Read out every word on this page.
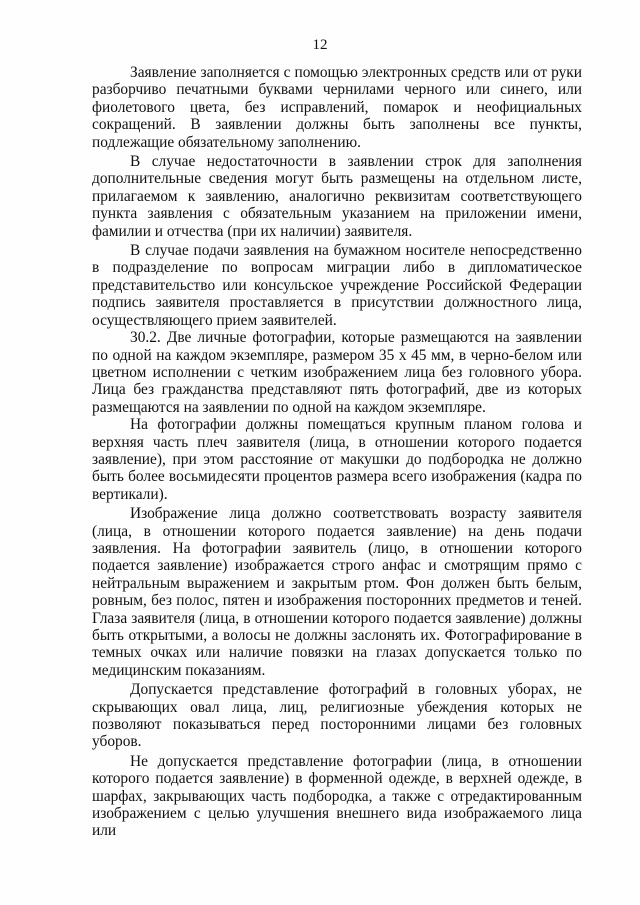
12

Заявление заполняется с помощью электронных средств или от руки разборчиво печатными буквами чернилами черного или синего, или фиолетового цвета, без исправлений, помарок и неофициальных сокращений. В заявлении должны быть заполнены все пункты, подлежащие обязательному заполнению.

В случае недостаточности в заявлении строк для заполнения дополнительные сведения могут быть размещены на отдельном листе, прилагаемом к заявлению, аналогично реквизитам соответствующего пункта заявления с обязательным указанием на приложении имени, фамилии и отчества (при их наличии) заявителя.

В случае подачи заявления на бумажном носителе непосредственно в подразделение по вопросам миграции либо в дипломатическое представительство или консульское учреждение Российской Федерации подпись заявителя проставляется в присутствии должностного лица, осуществляющего прием заявителей.

30.2. Две личные фотографии, которые размещаются на заявлении по одной на каждом экземпляре, размером 35 х 45 мм, в черно-белом или цветном исполнении с четким изображением лица без головного убора. Лица без гражданства представляют пять фотографий, две из которых размещаются на заявлении по одной на каждом экземпляре.

На фотографии должны помещаться крупным планом голова и верхняя часть плеч заявителя (лица, в отношении которого подается заявление), при этом расстояние от макушки до подбородка не должно быть более восьмидесяти процентов размера всего изображения (кадра по вертикали).

Изображение лица должно соответствовать возрасту заявителя (лица, в отношении которого подается заявление) на день подачи заявления. На фотографии заявитель (лицо, в отношении которого подается заявление) изображается строго анфас и смотрящим прямо с нейтральным выражением и закрытым ртом. Фон должен быть белым, ровным, без полос, пятен и изображения посторонних предметов и теней. Глаза заявителя (лица, в отношении которого подается заявление) должны быть открытыми, а волосы не должны заслонять их. Фотографирование в темных очках или наличие повязки на глазах допускается только по медицинским показаниям.

Допускается представление фотографий в головных уборах, не скрывающих овал лица, лиц, религиозные убеждения которых не позволяют показываться перед посторонними лицами без головных уборов.

Не допускается представление фотографии (лица, в отношении которого подается заявление) в форменной одежде, в верхней одежде, в шарфах, закрывающих часть подбородка, а также с отредактированным изображением с целью улучшения внешнего вида изображаемого лица или
